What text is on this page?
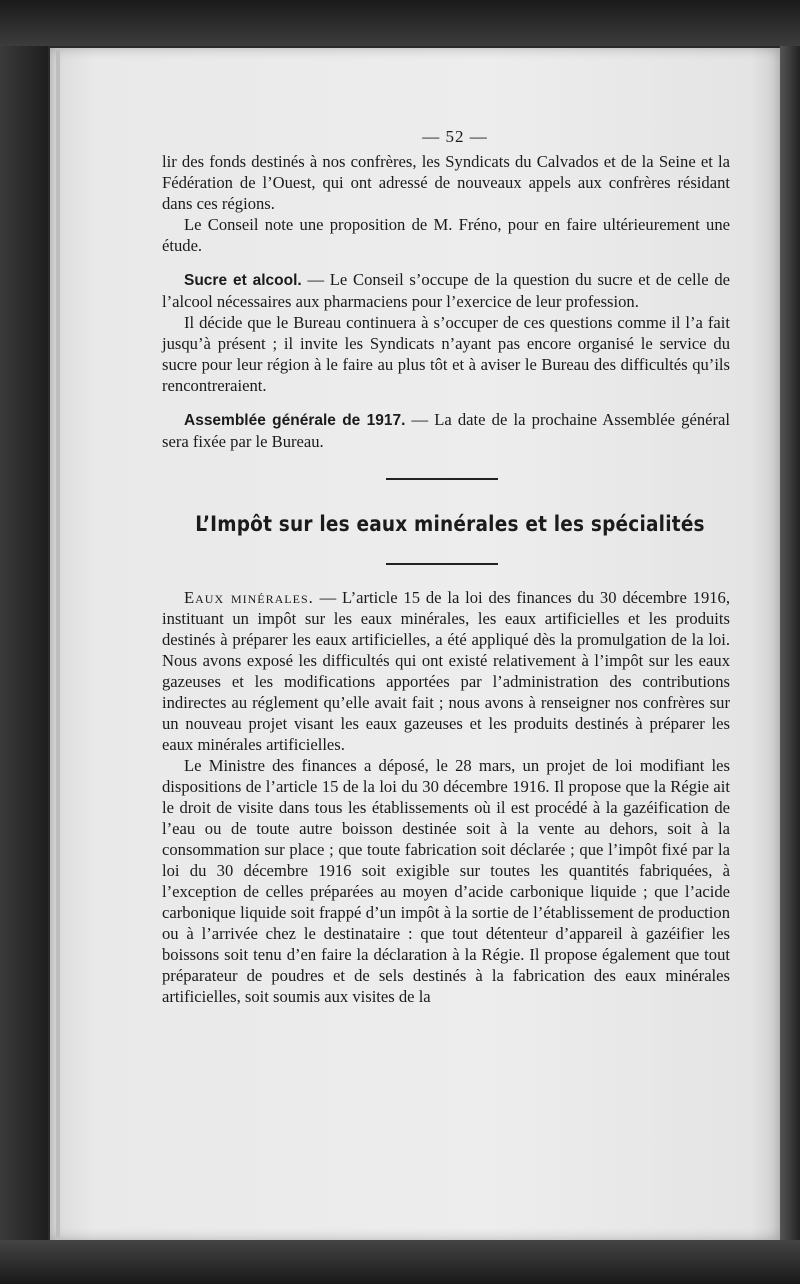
— 52 —

lir des fonds destinés à nos confrères, les Syndicats du Calvados et de la Seine et la Fédération de l’Ouest, qui ont adressé de nouveaux appels aux confrères résidant dans ces régions.

Le Conseil note une proposition de M. Fréno, pour en faire ultérieurement une étude.

Sucre et alcool. — Le Conseil s’occupe de la question du sucre et de celle de l’alcool nécessaires aux pharmaciens pour l’exercice de leur profession.

Il décide que le Bureau continuera à s’occuper de ces questions comme il l’a fait jusqu’à présent ; il invite les Syndicats n’ayant pas encore organisé le service du sucre pour leur région à le faire au plus tôt et à aviser le Bureau des difficultés qu’ils rencontreraient.

Assemblée générale de 1917. — La date de la prochaine Assemblée général sera fixée par le Bureau.

L’Impôt sur les eaux minérales et les spécialités

Eaux minérales. — L’article 15 de la loi des finances du 30 décembre 1916, instituant un impôt sur les eaux minérales, les eaux artificielles et les produits destinés à préparer les eaux artificielles, a été appliqué dès la promulgation de la loi. Nous avons exposé les difficultés qui ont existé relativement à l’impôt sur les eaux gazeuses et les modifications apportées par l’administration des contributions indirectes au réglement qu’elle avait fait ; nous avons à renseigner nos confrères sur un nouveau projet visant les eaux gazeuses et les produits destinés à préparer les eaux minérales artificielles.

Le Ministre des finances a déposé, le 28 mars, un projet de loi modifiant les dispositions de l’article 15 de la loi du 30 décembre 1916. Il propose que la Régie ait le droit de visite dans tous les établissements où il est procédé à la gazéification de l’eau ou de toute autre boisson destinée soit à la vente au dehors, soit à la consommation sur place ; que toute fabrication soit déclarée ; que l’impôt fixé par la loi du 30 décembre 1916 soit exigible sur toutes les quantités fabriquées, à l’exception de celles préparées au moyen d’acide carbonique liquide ; que l’acide carbonique liquide soit frappé d’un impôt à la sortie de l’établissement de production ou à l’arrivée chez le destinataire : que tout détenteur d’appareil à gazéifier les boissons soit tenu d’en faire la déclaration à la Régie. Il propose également que tout préparateur de poudres et de sels destinés à la fabrication des eaux minérales artificielles, soit soumis aux visites de la
